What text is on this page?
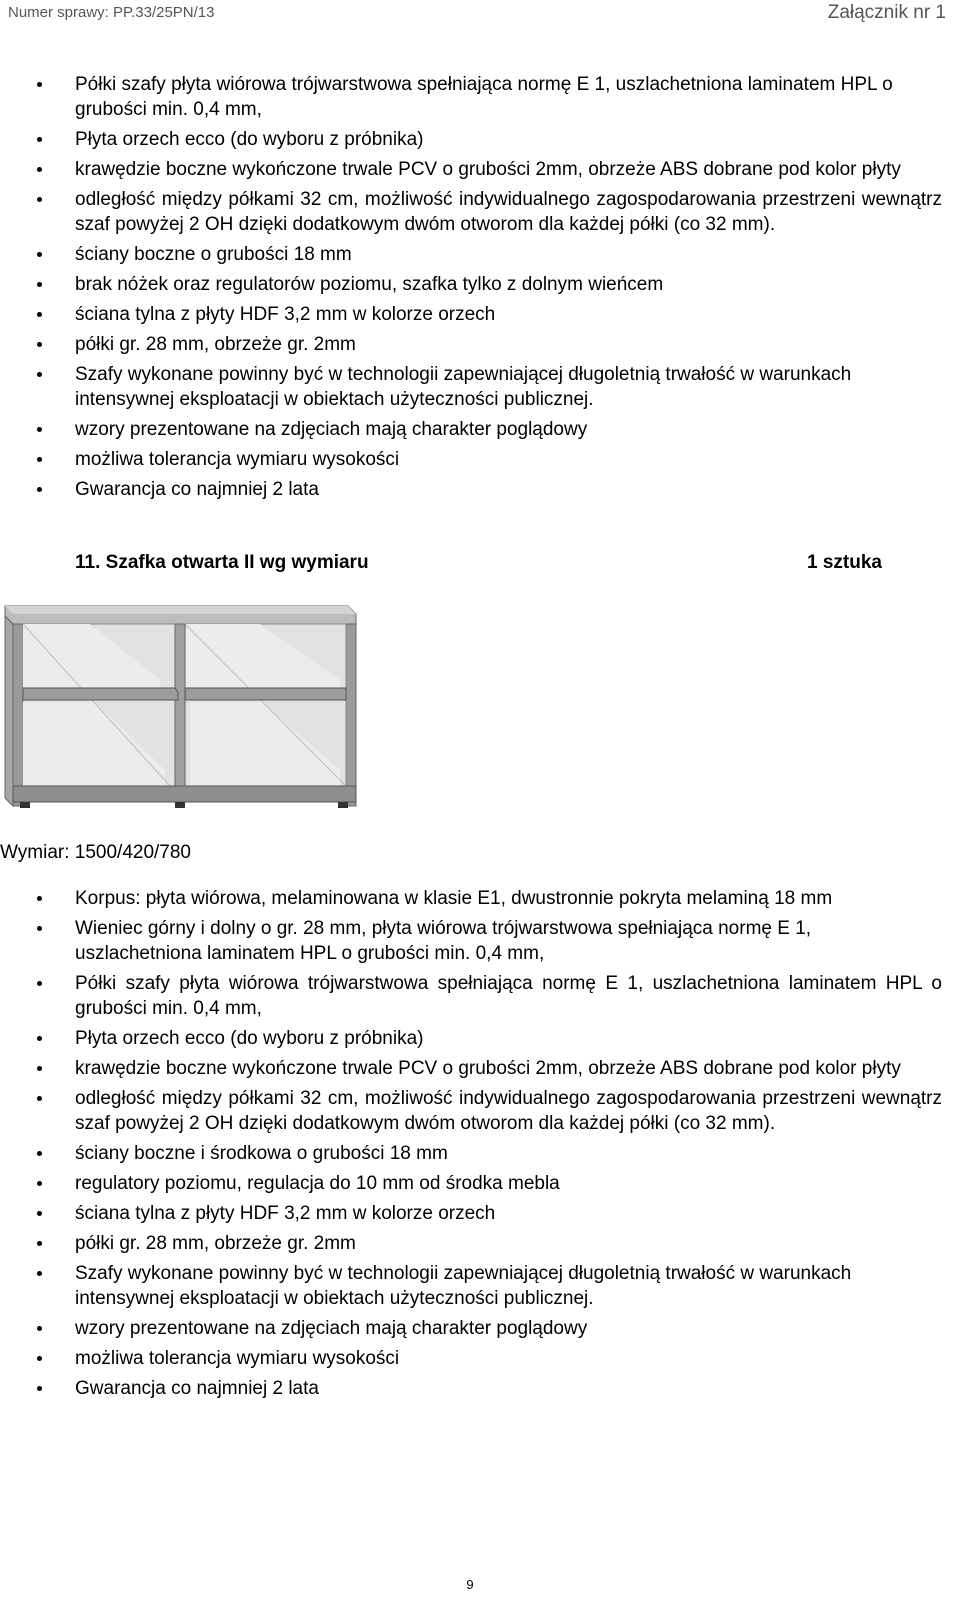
Numer sprawy: PP.33/25PN/13	Załącznik nr 1
Półki szafy płyta wiórowa trójwarstwowa spełniająca normę E 1, uszlachetniona laminatem HPL o grubości min. 0,4 mm,
Płyta orzech ecco (do wyboru z próbnika)
krawędzie boczne wykończone trwale PCV o grubości 2mm, obrzeże ABS dobrane pod kolor płyty
odległość między półkami 32 cm, możliwość indywidualnego zagospodarowania przestrzeni wewnątrz szaf powyżej 2 OH dzięki dodatkowym dwóm otworom dla każdej półki (co 32 mm).
ściany boczne o grubości 18 mm
brak nóżek oraz regulatorów poziomu, szafka tylko z dolnym wieńcem
ściana tylna z płyty HDF 3,2 mm w kolorze orzech
półki gr. 28 mm, obrzeże gr. 2mm
Szafy wykonane powinny być w technologii zapewniającej długoletnią trwałość w warunkach intensywnej eksploatacji w obiektach użyteczności publicznej.
wzory prezentowane na zdjęciach mają charakter poglądowy
możliwa tolerancja wymiaru wysokości
Gwarancja co najmniej 2 lata
11. Szafka otwarta II wg wymiaru	1 sztuka
Wymiar: 1500/420/780
Korpus: płyta wiórowa, melaminowana w klasie E1, dwustronnie pokryta melaminą 18 mm
Wieniec górny i dolny o gr. 28 mm, płyta wiórowa trójwarstwowa spełniająca normę E 1, uszlachetniona laminatem HPL o grubości min. 0,4 mm,
Półki szafy płyta wiórowa trójwarstwowa spełniająca normę E 1, uszlachetniona laminatem HPL o grubości min. 0,4 mm,
Płyta orzech ecco (do wyboru z próbnika)
krawędzie boczne wykończone trwale PCV o grubości 2mm, obrzeże ABS dobrane pod kolor płyty
odległość między półkami 32 cm, możliwość indywidualnego zagospodarowania przestrzeni wewnątrz szaf powyżej 2 OH dzięki dodatkowym dwóm otworom dla każdej półki (co 32 mm).
ściany boczne i środkowa o grubości 18 mm
regulatory poziomu, regulacja do 10 mm od środka mebla
ściana tylna z płyty HDF 3,2 mm w kolorze orzech
półki gr. 28 mm, obrzeże gr. 2mm
Szafy wykonane powinny być w technologii zapewniającej długoletnią trwałość w warunkach intensywnej eksploatacji w obiektach użyteczności publicznej.
wzory prezentowane na zdjęciach mają charakter poglądowy
możliwa tolerancja wymiaru wysokości
Gwarancja co najmniej 2 lata
9
